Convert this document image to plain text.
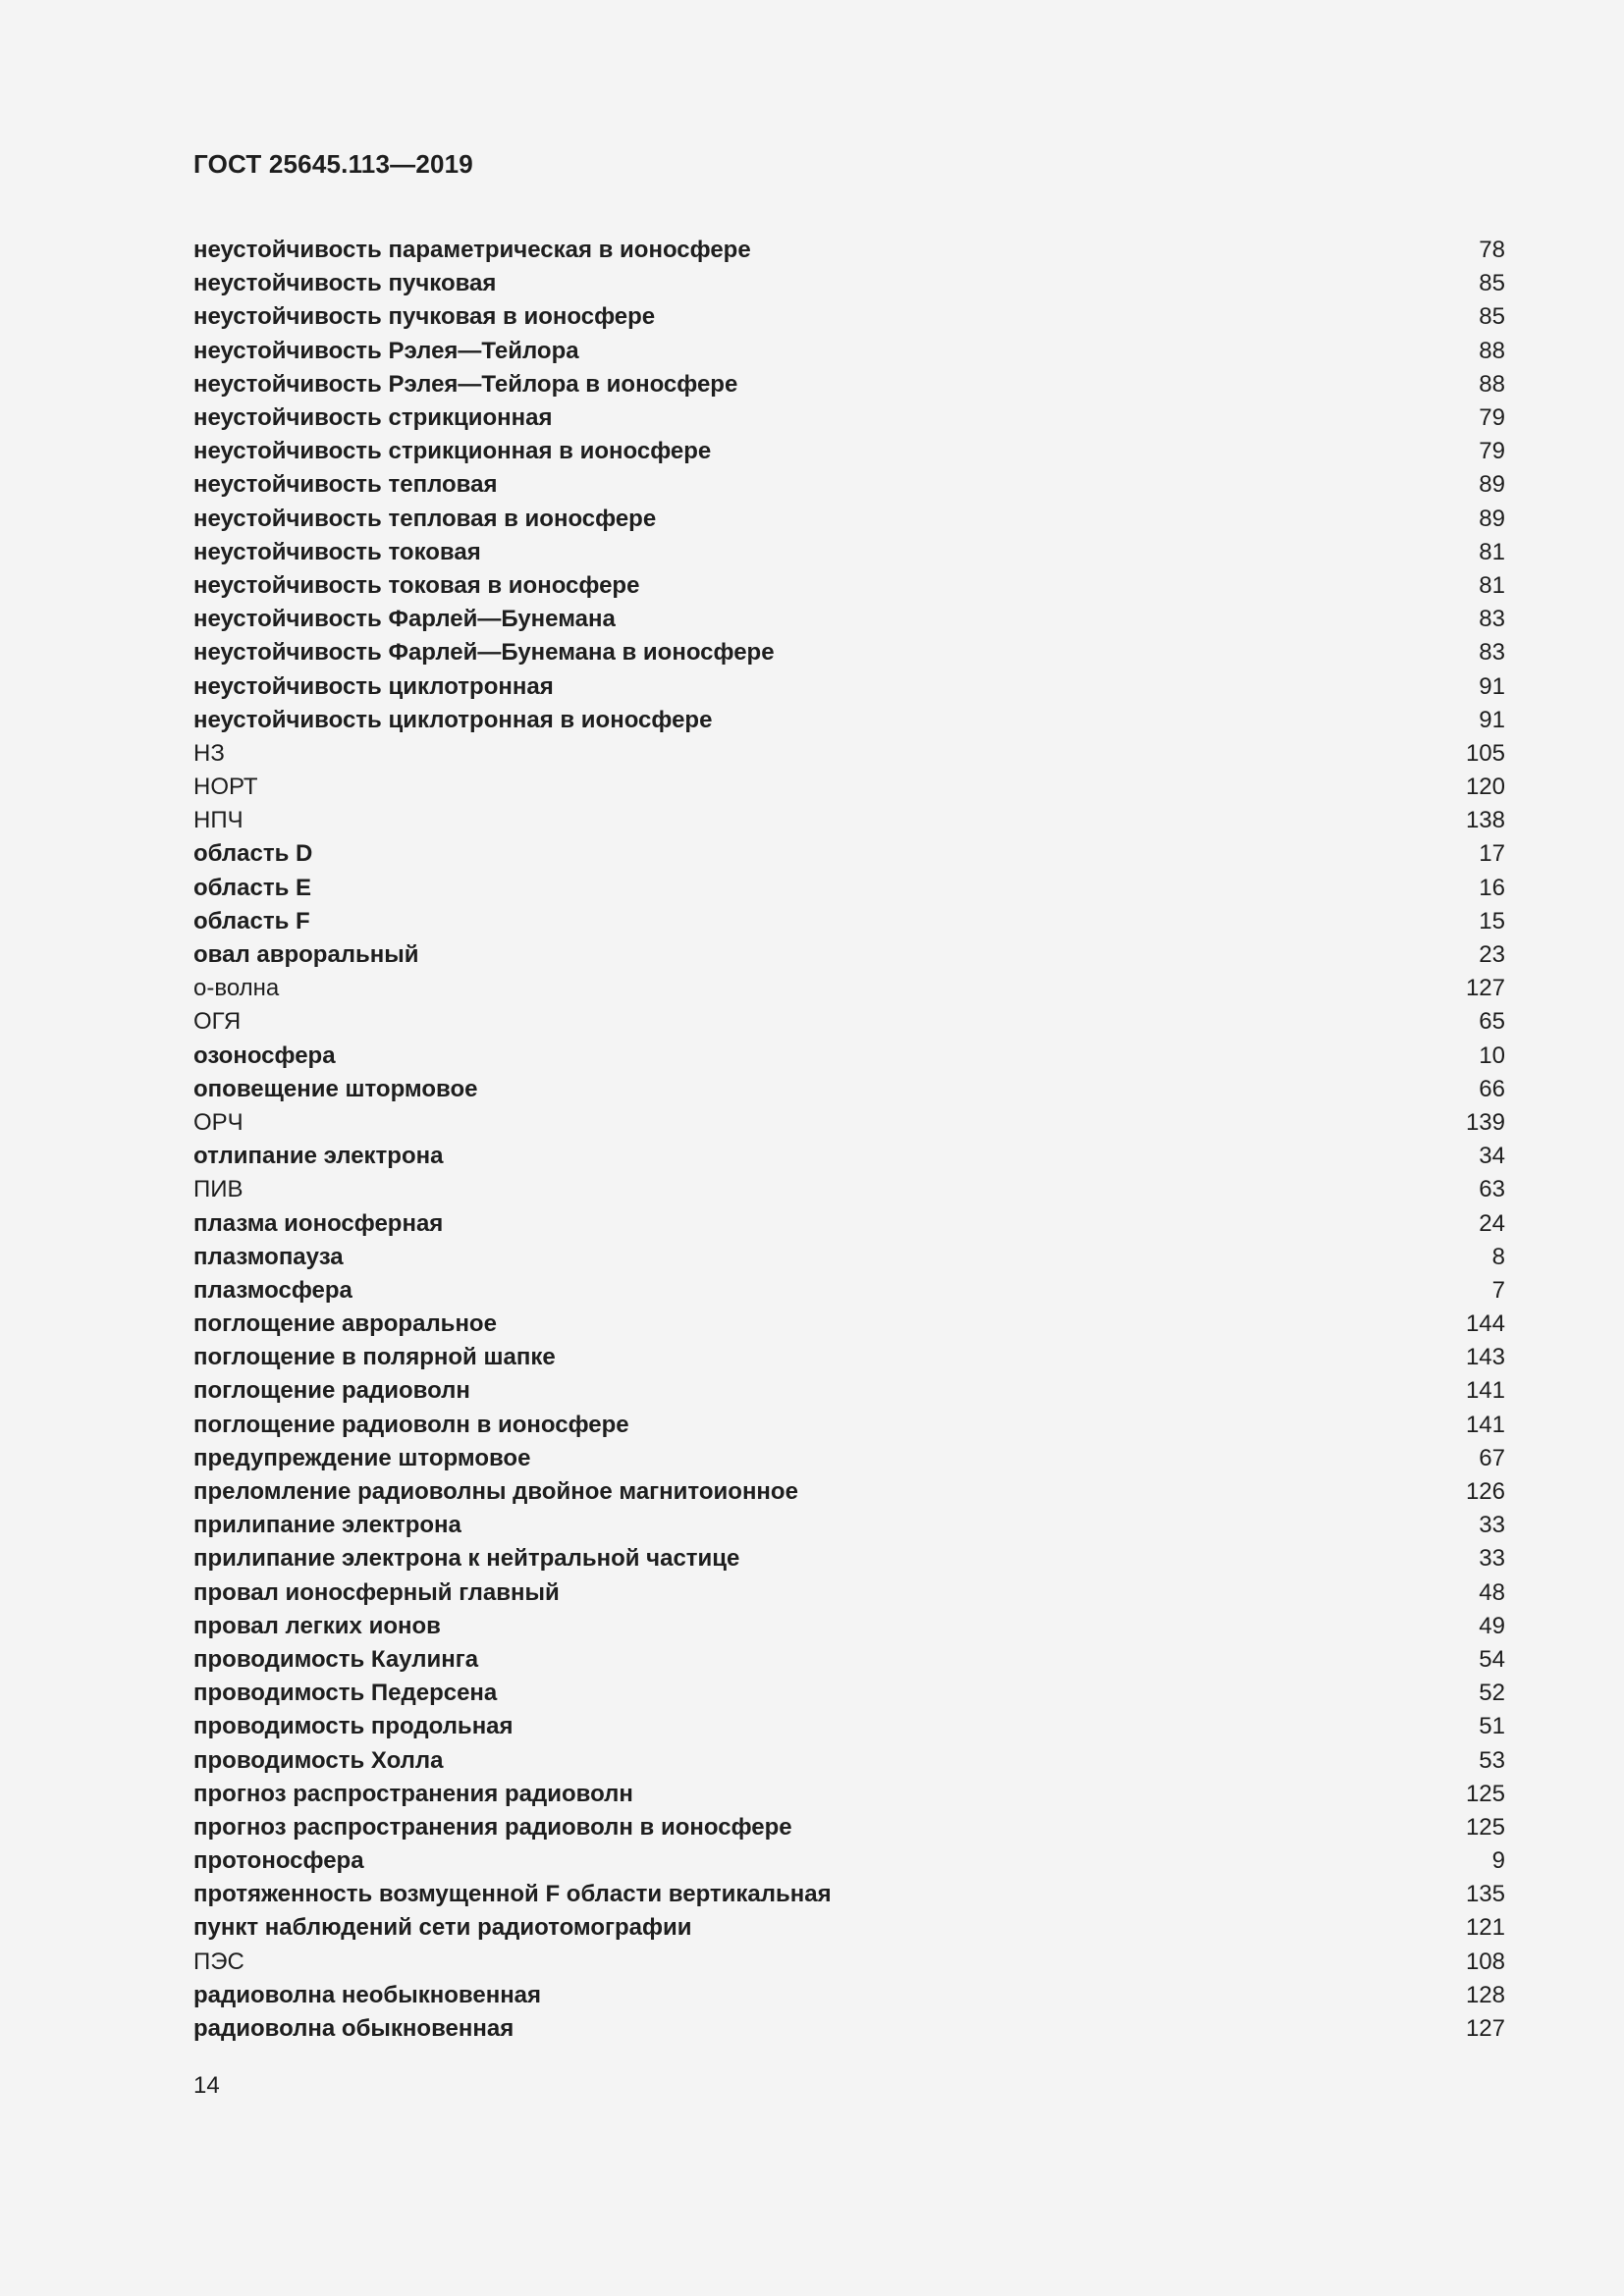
ГОСТ 25645.113—2019
неустойчивость параметрическая в ионосфере	78
неустойчивость пучковая	85
неустойчивость пучковая в ионосфере	85
неустойчивость Рэлея—Тейлора	88
неустойчивость Рэлея—Тейлора в ионосфере	88
неустойчивость стрикционная	79
неустойчивость стрикционная в ионосфере	79
неустойчивость тепловая	89
неустойчивость тепловая в ионосфере	89
неустойчивость токовая	81
неустойчивость токовая в ионосфере	81
неустойчивость Фарлей—Бунемана	83
неустойчивость Фарлей—Бунемана в ионосфере	83
неустойчивость циклотронная	91
неустойчивость циклотронная в ионосфере	91
НЗ	105
НОРТ	120
НПЧ	138
область D	17
область E	16
область F	15
овал авроральный	23
о-волна	127
ОГЯ	65
озоносфера	10
оповещение штормовое	66
ОРЧ	139
отлипание электрона	34
ПИВ	63
плазма ионосферная	24
плазмопауза	8
плазмосфера	7
поглощение авроральное	144
поглощение в полярной шапке	143
поглощение радиоволн	141
поглощение радиоволн в ионосфере	141
предупреждение штормовое	67
преломление радиоволны двойное магнитоионное	126
прилипание электрона	33
прилипание электрона к нейтральной частице	33
провал ионосферный главный	48
провал легких ионов	49
проводимость Каулинга	54
проводимость Педерсена	52
проводимость продольная	51
проводимость Холла	53
прогноз распространения радиоволн	125
прогноз распространения радиоволн в ионосфере	125
протоносфера	9
протяженность возмущенной F области вертикальная	135
пункт наблюдений сети радиотомографии	121
ПЭС	108
радиоволна необыкновенная	128
радиоволна обыкновенная	127
14
